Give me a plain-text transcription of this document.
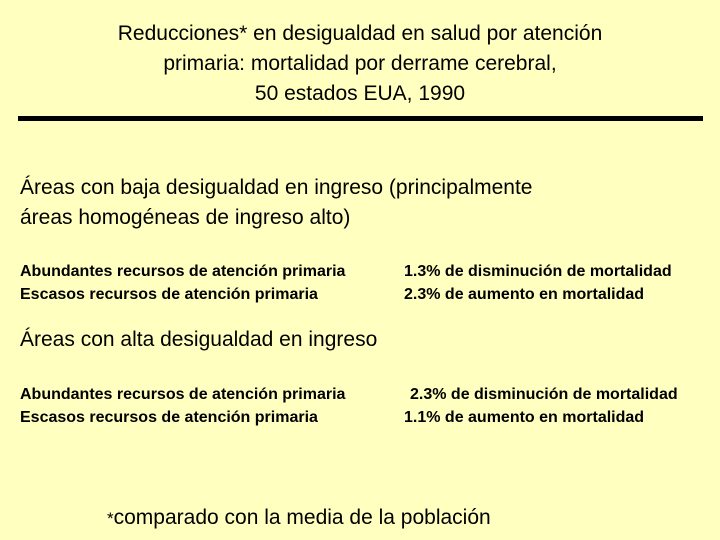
Reducciones* en desigualdad en salud por atención
primaria: mortalidad por derrame cerebral,
50 estados EUA, 1990
Áreas con baja desigualdad en ingreso (principalmente
áreas homogéneas de ingreso alto)
Abundantes recursos de atención primaria	1.3% de disminución de mortalidad
Escasos recursos de atención primaria	2.3% de aumento en mortalidad
Áreas con alta desigualdad en ingreso
Abundantes recursos de atención primaria	2.3% de disminución de mortalidad
Escasos recursos de atención primaria	1.1% de aumento en mortalidad
*comparado con la media de la población
